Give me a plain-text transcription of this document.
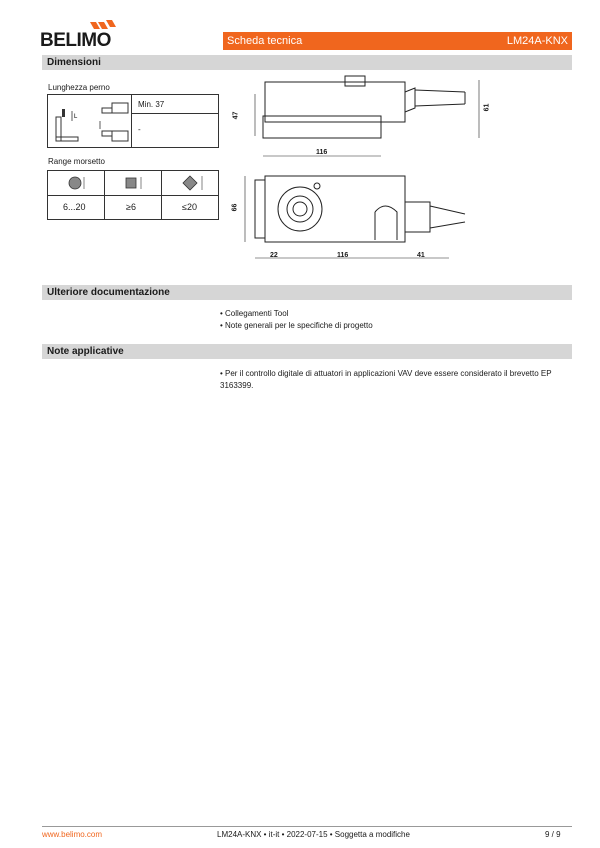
BELIMO	Scheda tecnica	LM24A-KNX
Dimensioni
Lunghezza perno
L
Min. 37
-
Range morsetto
6...20	≥6	≤20
47
61
116
66
22	116	41
Ulteriore documentazione
• Collegamenti Tool
• Note generali per le specifiche di progetto
Note applicative
• Per il controllo digitale di attuatori in applicazioni VAV deve essere considerato il brevetto EP
3163399.
www.belimo.com	LM24A-KNX • it-it • 2022-07-15 • Soggetta a modifiche	9 / 9
